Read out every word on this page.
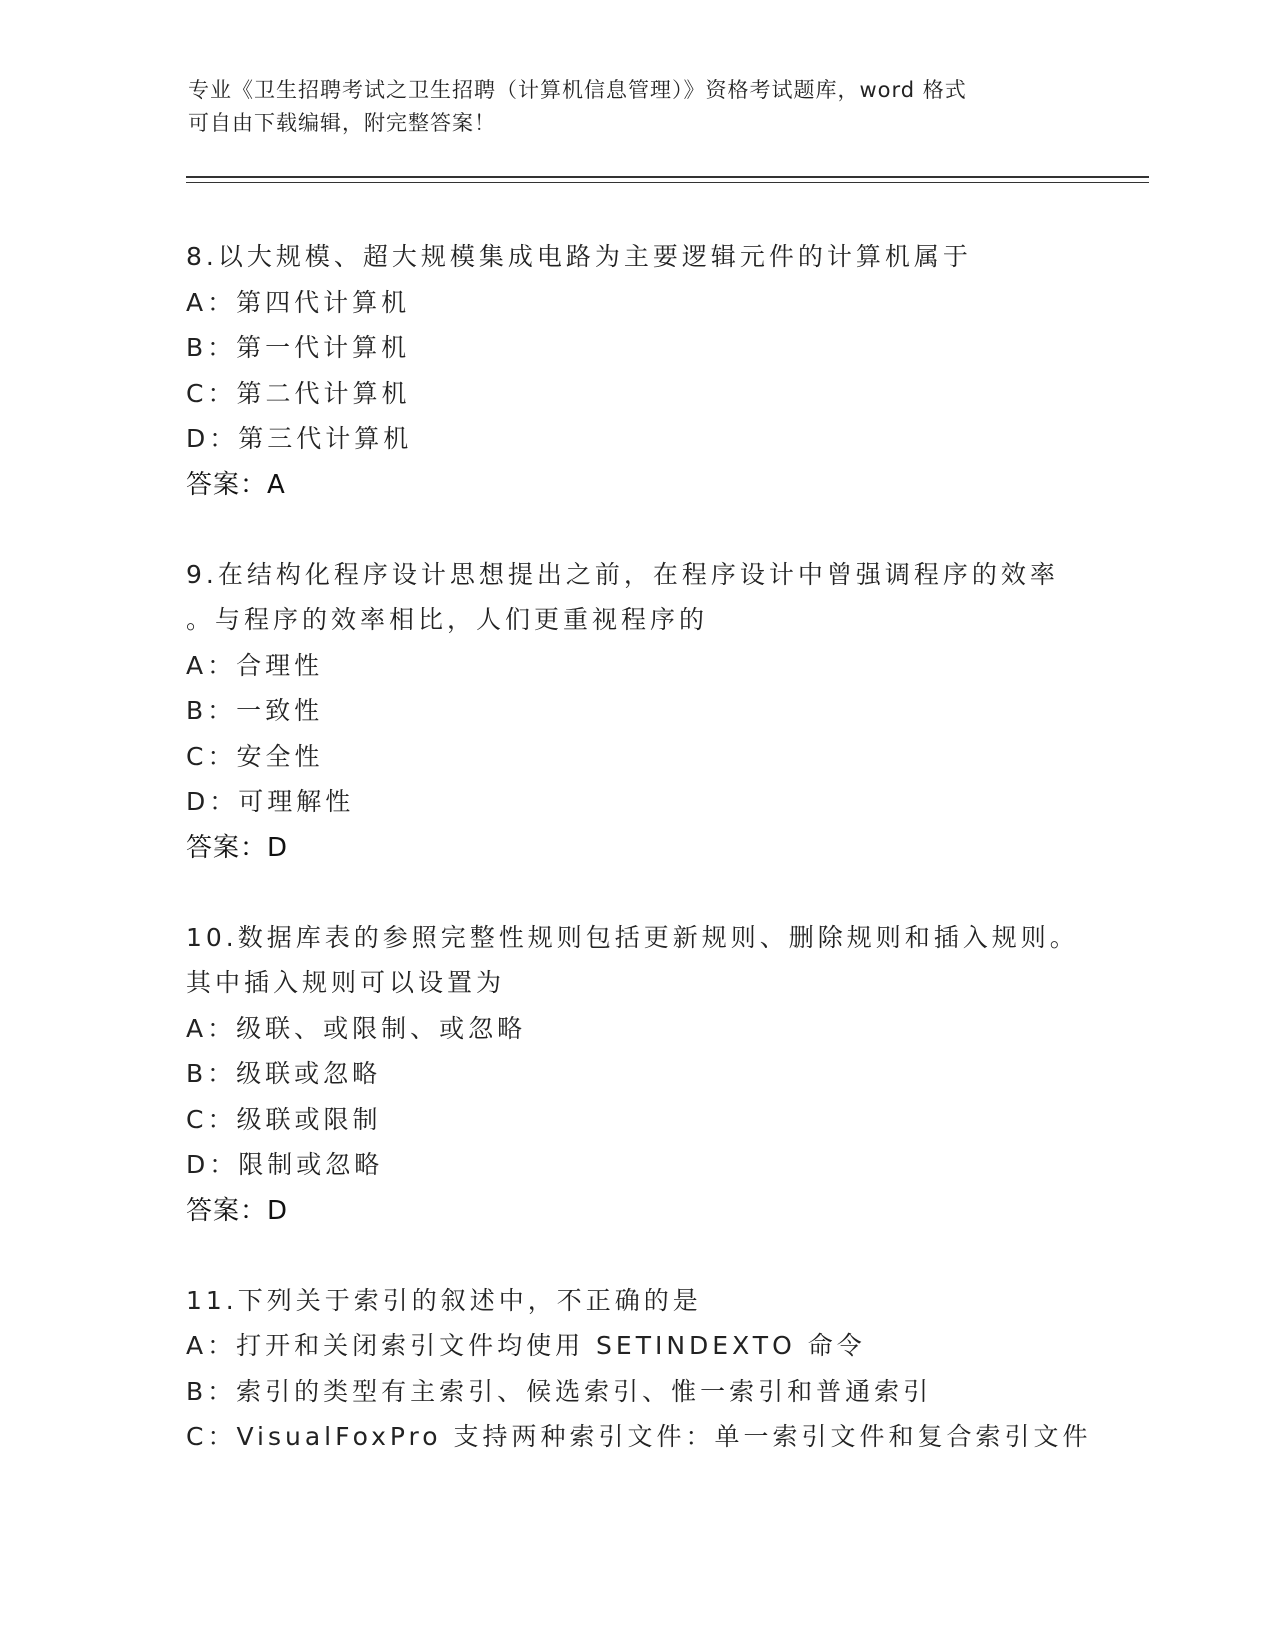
专业《卫生招聘考试之卫生招聘（计算机信息管理）》资格考试题库，word 格式
可自由下载编辑，附完整答案！
8.以大规模、超大规模集成电路为主要逻辑元件的计算机属于
A：第四代计算机
B：第一代计算机
C：第二代计算机
D：第三代计算机
答案：A
9.在结构化程序设计思想提出之前，在程序设计中曾强调程序的效率
。与程序的效率相比，人们更重视程序的
A：合理性
B：一致性
C：安全性
D：可理解性
答案：D
10.数据库表的参照完整性规则包括更新规则、删除规则和插入规则。
其中插入规则可以设置为
A：级联、或限制、或忽略
B：级联或忽略
C：级联或限制
D：限制或忽略
答案：D
11.下列关于索引的叙述中，不正确的是
A：打开和关闭索引文件均使用 SETINDEXTO 命令
B：索引的类型有主索引、候选索引、惟一索引和普通索引
C：VisualFoxPro 支持两种索引文件：单一索引文件和复合索引文件
